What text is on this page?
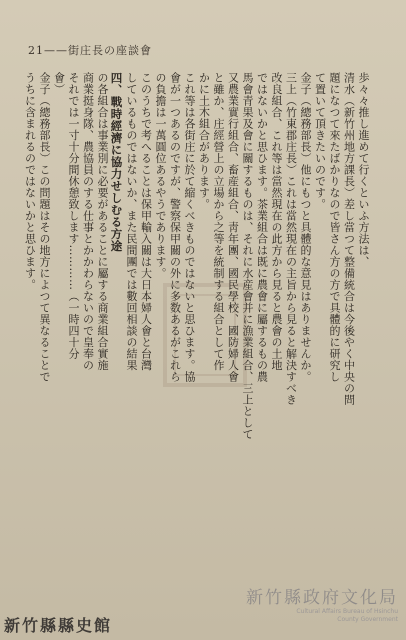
21——街庄長の座談會
歩々々推し進めて行くといふ方法は、
清水（新竹州地方課長）差し當つて整備統合は今後やく中央の問
題になつて來たばかりなので皆さん方の方で具體的に研究し
て置いて頂きたいのです。
金子（總務部長）他にもつと具體的な意見はありませんか。
三上（竹東郡庄長）これは當然現在の主旨から見ると解決すべき
改良組合、これ等は當然現在の此方から見ると農會の土地
ではないかと思ひます。茶業組合は既に農會に屬するもの農
馬會青果及會に關するものは、それに水産會并に漁業組合、三上として
又農業實行組合、畜産組合、靑年團、國民學校、國防婦人會
と雖か、庄經營上の立場から之等を統制する組合として作
かに土木組合があります。
これ等は各街庄に於て縮くべきものではないと思ひます。協
會が一つあるのですが、警察保甲關の外に多数あるがこれら
の負擔は一萬圓位あるやうであります。
このうちで考へることは保甲輸入關は大日本婦人會と台灣
しているものではないか、また民間團では數回相談の結果
四、戰時經濟に協力せしむる方途
の各組合は事業別に必要があることに屬する商業組合實施
商業挺身隊、農協員のする仕事とかかわらないので皇奉の
それでは一寸十分間休憩致します…………（一時四十分
會）
金子（總務部長）この問題はその地方によつて異なることで
うちに含まれるのではないかと思ひます。
新竹縣政府文化局
Cultural Affairs Bureau of Hsinchu
County Government
新竹縣縣史館
